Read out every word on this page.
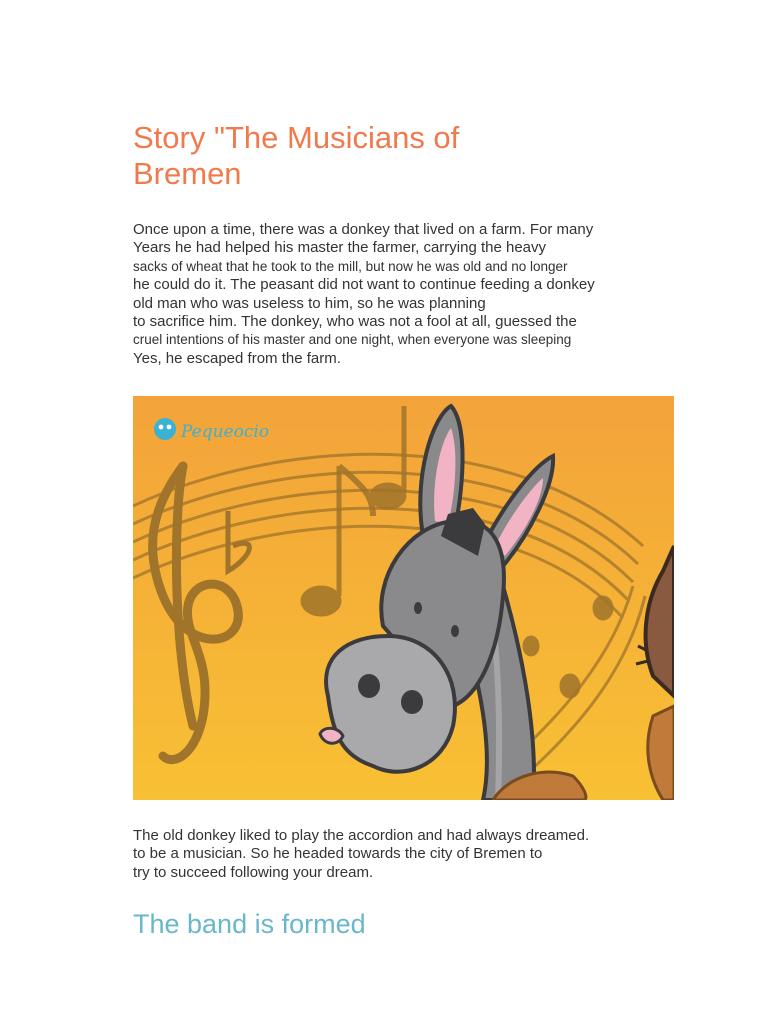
Story "The Musicians of Bremen

Once upon a time, there was a donkey that lived on a farm. For many
Years he had helped his master the farmer, carrying the heavy
sacks of wheat that he took to the mill, but now he was old and no longer
he could do it. The peasant did not want to continue feeding a donkey
old man who was useless to him, so he was planning
to sacrifice him. The donkey, who was not a fool at all, guessed the
cruel intentions of his master and one night, when everyone was sleeping
Yes, he escaped from the farm.

Pequeocio

The old donkey liked to play the accordion and had always dreamed.
to be a musician. So he headed towards the city of Bremen to
try to succeed following your dream.

The band is formed
